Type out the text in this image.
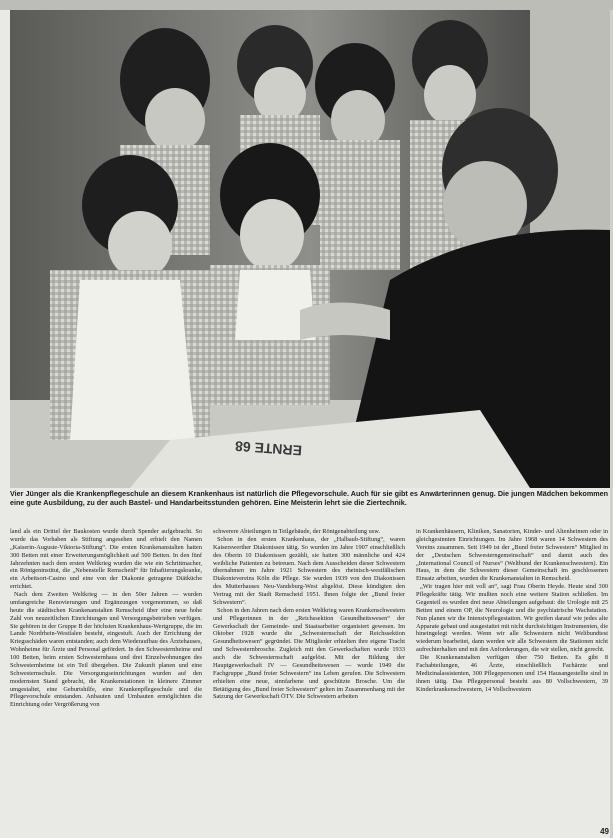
ERNTE 68

Vier Jünger als die Krankenpflegeschule an diesem Krankenhaus ist natürlich die Pflegevorschule. Auch für sie gibt es Anwärterinnen genug. Die jungen Mädchen bekommen eine gute Ausbildung, zu der auch Bastel- und Handarbeitsstunden gehören. Eine Meisterin lehrt sie die Ziertechnik.

land als ein Drittel der Baukosten wurde durch Spender aufgebracht. So wurde das Vorhaben als Stiftung angesehen und erhielt den Namen „Kaiserin-Auguste-Viktoria-Stiftung“. Die ersten Krankenanstalten hatten 300 Betten mit einer Erweiterungsmöglichkeit auf 500 Betten. In den fünf Jahrzehnten nach dem ersten Weltkrieg wurden die wie ein Schrittmacher, ein Röntgeninstitut, die „Nebenstelle Remscheid“ für Inhaftierungskranke, ein Arbeitsort-Casino und eine von der Diakonie getragene Diätküche errichtet.

Nach dem Zweiten Weltkrieg — in den 50er Jahren — wurden umfangreiche Renovierungen und Ergänzungen vorgenommen, so daß heute die städtischen Krankenanstalten Remscheid über eine neue hohe Zahl von neuzeitlichen Einrichtungen und Versorgungsbetrieben verfügen. Sie gehören in der Gruppe B der höchsten Krankenhaus-Wertgruppe, die im Lande Nordrhein-Westfalen besteht, eingestuft. Auch der Errichtung der Kriegsschäden waren entstanden; auch dem Wiederaufbau des Ärztehauses, Wohnheime für Ärzte und Personal gefördert. In den Schwesternheime und 100 Betten, beim ersten Schwesternhaus und drei Einzelwohnungen des Schwesternheime ist ein Teil übergeben. Die Zukunft planen und eine Schwesternschule. Die Versorgungseinrichtungen wurden auf den modernsten Stand gebracht, die Krankenstationen in kleinere Zimmer umgestaltet, eine Geburtshilfe, eine Krankenpflegeschule und die Pflegevorschule entstanden. Anbauten und Umbauten ermöglichten die Einrichtung oder Vergrößerung von

schwerere Abteilungen in Teilgebäude, der Röntgenabteilung usw.

Schon in den ersten Krankenhaus, der „Halbaub-Stiftung“, waren Kaiserswerther Diakonissen tätig. So wurden im Jahre 1907 einschließlich des Oberin 10 Diakonissen gezählt, sie hatten 300 männliche und 424 weibliche Patienten zu betreuen. Nach dem Ausscheiden dieser Schwestern übernahmen im Jahre 1921 Schwestern des rheinisch-westfälischen Diakonievereins Köln die Pflege. Sie wurden 1939 von den Diakonissen des Mutterhauses Neu-Vandsburg-West abgelöst. Diese kündigten den Vertrag mit der Stadt Remscheid 1951. Ihnen folgte der „Bund freier Schwestern“.

Schon in den Jahren nach dem ersten Weltkrieg waren Krankenschwestern und Pflegerinnen in der „Reichssektion Gesundheitswesen“ der Gewerkschaft der Gemeinde- und Staatsarbeiter organisiert gewesen. Im Oktober 1928 wurde die „Schwesternschaft der Reichssektion Gesundheitswesen“ gegründet. Die Mitglieder erhielten ihre eigene Tracht und Schwesternbrosche. Zugleich mit den Gewerkschaften wurde 1933 auch die Schwesternschaft aufgelöst. Mit der Bildung der Hauptgewerkschaft IV — Gesundheitswesen — wurde 1949 die Fachgruppe „Bund freier Schwestern“ ins Leben gerufen. Die Schwestern erhielten eine neue, sinnfarbene und geschützte Brosche. Um die Betätigung des „Bund freier Schwestern“ gelten im Zusammenhang mit der Satzung der Gewerkschaft ÖTV. Die Schwestern arbeiten

in Krankenhäusern, Kliniken, Sanatorien, Kinder- und Altenheimen oder in gleichgesinnten Einrichtungen. Im Jahre 1968 waren 14 Schwestern des Vereins zusammen. Seit 1949 ist der „Bund freier Schwestern“ Mitglied in der „Deutschen Schwesterngemeinschaft“ und damit auch des „International Council of Nurses“ (Weltbund der Krankenschwestern). Ein Haus, in dem die Schwestern dieser Gemeinschaft im geschlossenen Einsatz arbeiten, wurden die Krankenanstalten in Remscheid.

„Wir tragen hier mit voll an“, sagt Frau Oberin Heyde. Heute sind 300 Pflegekräfte tätig. Wir mußten noch eine weitere Station schließen. Im Gegenteil es wurden drei neue Abteilungen aufgebaut: die Urologie mit 25 Betten und einem OP, die Neurologie und die psychiatrische Wachstation. Nun planen wir die Intensivpflegestation. Wir greifen darauf wie jedes alte Apparate gebaut und ausgestattet mit nicht durchsichtigen Instrumenten, die hineingelegt werden. Wenn wir alle Schwestern nicht Weltbundtest wiederum bearbeitet, dann werden wir alle Schwestern die Stationen nicht aufrechterhalten und mit den Anforderungen, die wir stellen, nicht gerecht.

Die Krankenanstalten verfügen über 750 Betten. Es gibt 8 Fachabteilungen, 46 Ärzte, einschließlich Fachärzte und Medizinalassistenten, 300 Pflegepersonen und 154 Hausangestellte sind in ihnen tätig. Das Pflegepersonal besteht aus 80 Vollschwestern, 39 Kinderkrankenschwestern, 14 Vollschwestern

49
